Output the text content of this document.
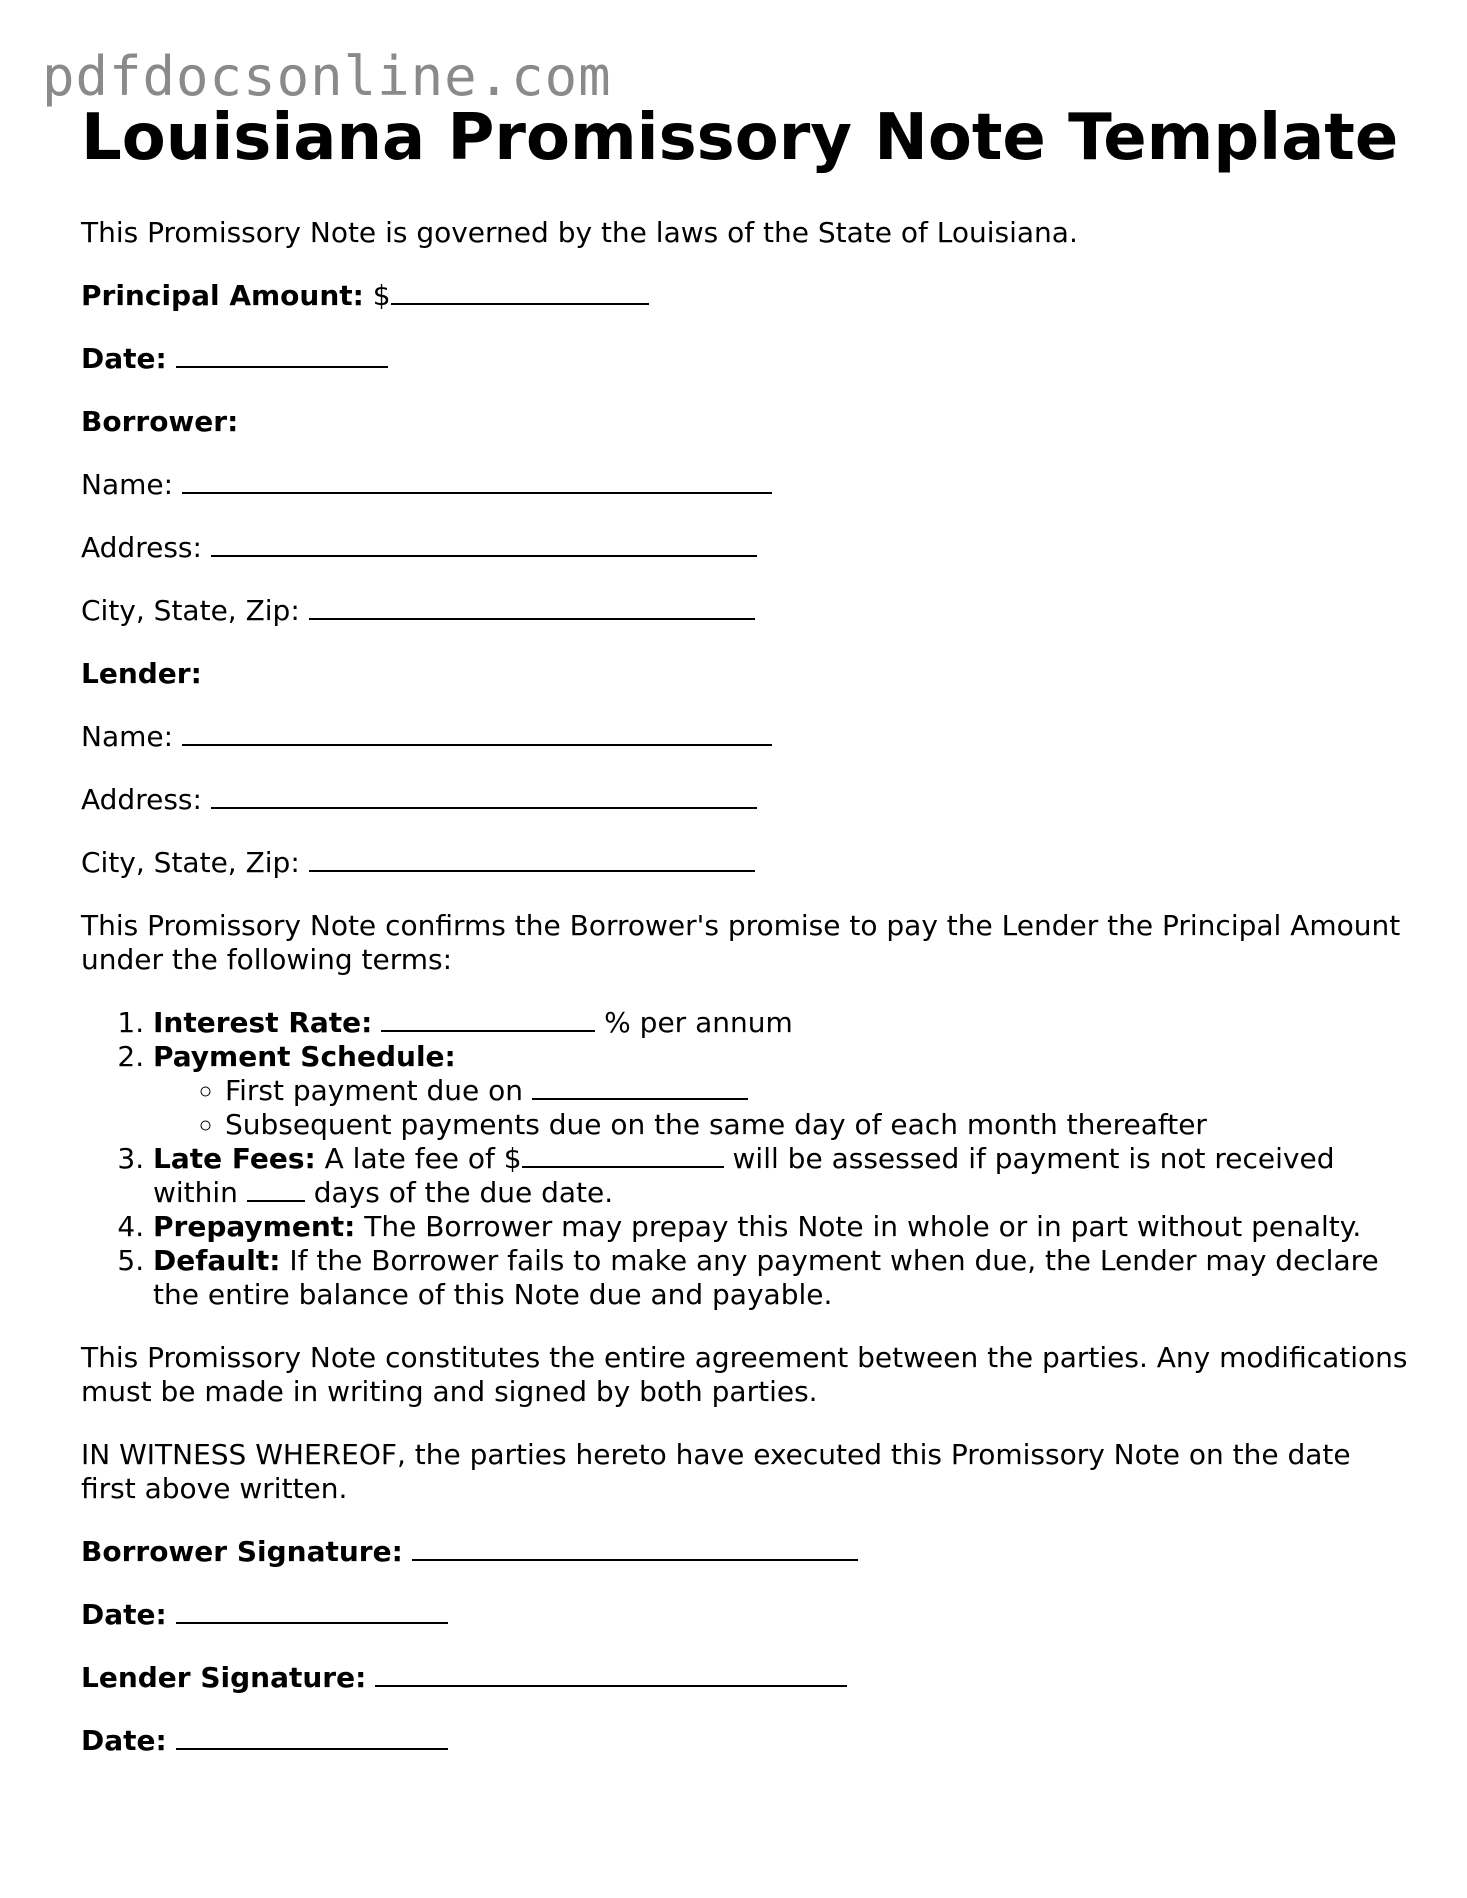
pdfdocsonline.com
Louisiana Promissory Note Template

This Promissory Note is governed by the laws of the State of Louisiana.

Principal Amount: $

Date:

Borrower:

Name:

Address:

City, State, Zip:

Lender:

Name:

Address:

City, State, Zip:

This Promissory Note confirms the Borrower's promise to pay the Lender the Principal Amount under the following terms:

1. Interest Rate:	% per annum
2. Payment Schedule:
◦ First payment due on
◦ Subsequent payments due on the same day of each month thereafter
3. Late Fees: A late fee of $	will be assessed if payment is not received within	days of the due date.
4. Prepayment: The Borrower may prepay this Note in whole or in part without penalty.
5. Default: If the Borrower fails to make any payment when due, the Lender may declare the entire balance of this Note due and payable.

This Promissory Note constitutes the entire agreement between the parties. Any modifications must be made in writing and signed by both parties.

IN WITNESS WHEREOF, the parties hereto have executed this Promissory Note on the date first above written.

Borrower Signature:

Date:

Lender Signature:

Date:
